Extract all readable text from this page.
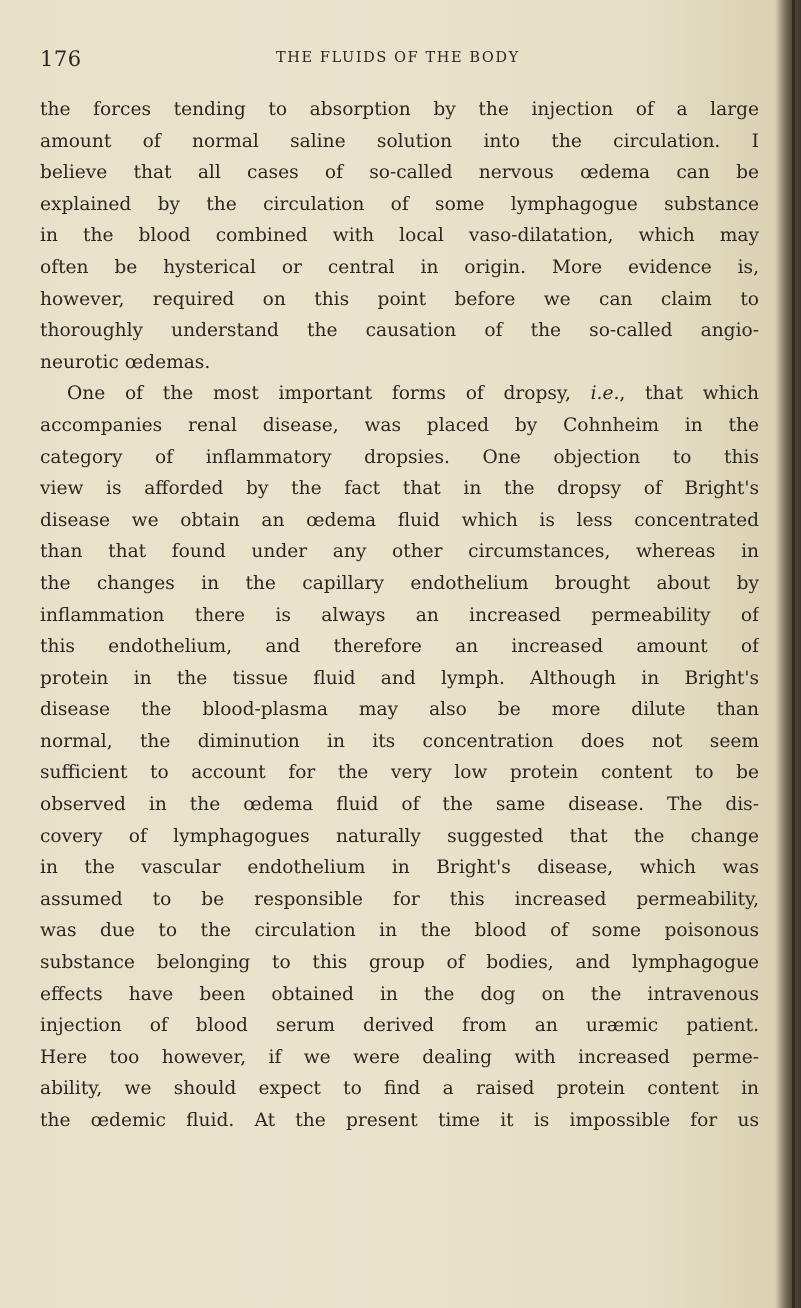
176	THE FLUIDS OF THE BODY
the forces tending to absorption by the injection of a large
amount of normal saline solution into the circulation. I
believe that all cases of so-called nervous œdema can be
explained by the circulation of some lymphagogue substance
in the blood combined with local vaso-dilatation, which may
often be hysterical or central in origin. More evidence is,
however, required on this point before we can claim to
thoroughly understand the causation of the so-called angio-
neurotic œdemas.
One of the most important forms of dropsy, i.e., that which
accompanies renal disease, was placed by Cohnheim in the
category of inflammatory dropsies. One objection to this
view is afforded by the fact that in the dropsy of Bright's
disease we obtain an œdema fluid which is less concentrated
than that found under any other circumstances, whereas in
the changes in the capillary endothelium brought about by
inflammation there is always an increased permeability of
this endothelium, and therefore an increased amount of
protein in the tissue fluid and lymph. Although in Bright's
disease the blood-plasma may also be more dilute than
normal, the diminution in its concentration does not seem
sufficient to account for the very low protein content to be
observed in the œdema fluid of the same disease. The dis-
covery of lymphagogues naturally suggested that the change
in the vascular endothelium in Bright's disease, which was
assumed to be responsible for this increased permeability,
was due to the circulation in the blood of some poisonous
substance belonging to this group of bodies, and lymphagogue
effects have been obtained in the dog on the intravenous
injection of blood serum derived from an uræmic patient.
Here too however, if we were dealing with increased perme-
ability, we should expect to find a raised protein content in
the œdemic fluid. At the present time it is impossible for us
